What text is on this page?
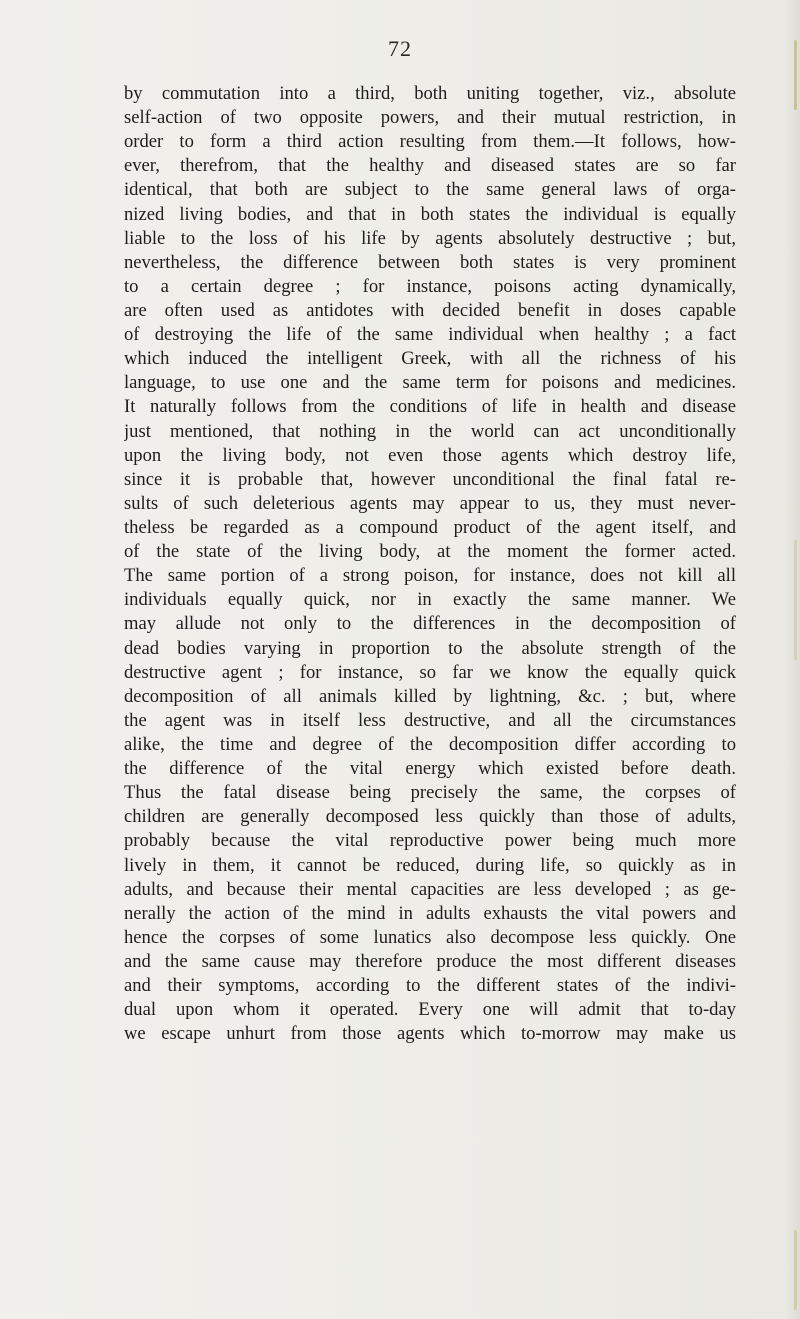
72
by commutation into a third, both uniting together, viz., absolute
self-action of two opposite powers, and their mutual restriction, in
order to form a third action resulting from them.—It follows, how-
ever, therefrom, that the healthy and diseased states are so far
identical, that both are subject to the same general laws of orga-
nized living bodies, and that in both states the individual is equally
liable to the loss of his life by agents absolutely destructive ; but,
nevertheless, the difference between both states is very prominent
to a certain degree ; for instance, poisons acting dynamically,
are often used as antidotes with decided benefit in doses capable
of destroying the life of the same individual when healthy ; a fact
which induced the intelligent Greek, with all the richness of his
language, to use one and the same term for poisons and medicines.
It naturally follows from the conditions of life in health and disease
just mentioned, that nothing in the world can act unconditionally
upon the living body, not even those agents which destroy life,
since it is probable that, however unconditional the final fatal re-
sults of such deleterious agents may appear to us, they must never-
theless be regarded as a compound product of the agent itself, and
of the state of the living body, at the moment the former acted.
The same portion of a strong poison, for instance, does not kill all
individuals equally quick, nor in exactly the same manner. We
may allude not only to the differences in the decomposition of
dead bodies varying in proportion to the absolute strength of the
destructive agent ; for instance, so far we know the equally quick
decomposition of all animals killed by lightning, &c. ; but, where
the agent was in itself less destructive, and all the circumstances
alike, the time and degree of the decomposition differ according to
the difference of the vital energy which existed before death.
Thus the fatal disease being precisely the same, the corpses of
children are generally decomposed less quickly than those of adults,
probably because the vital reproductive power being much more
lively in them, it cannot be reduced, during life, so quickly as in
adults, and because their mental capacities are less developed ; as ge-
nerally the action of the mind in adults exhausts the vital powers and
hence the corpses of some lunatics also decompose less quickly. One
and the same cause may therefore produce the most different diseases
and their symptoms, according to the different states of the indivi-
dual upon whom it operated. Every one will admit that to-day
we escape unhurt from those agents which to-morrow may make us
